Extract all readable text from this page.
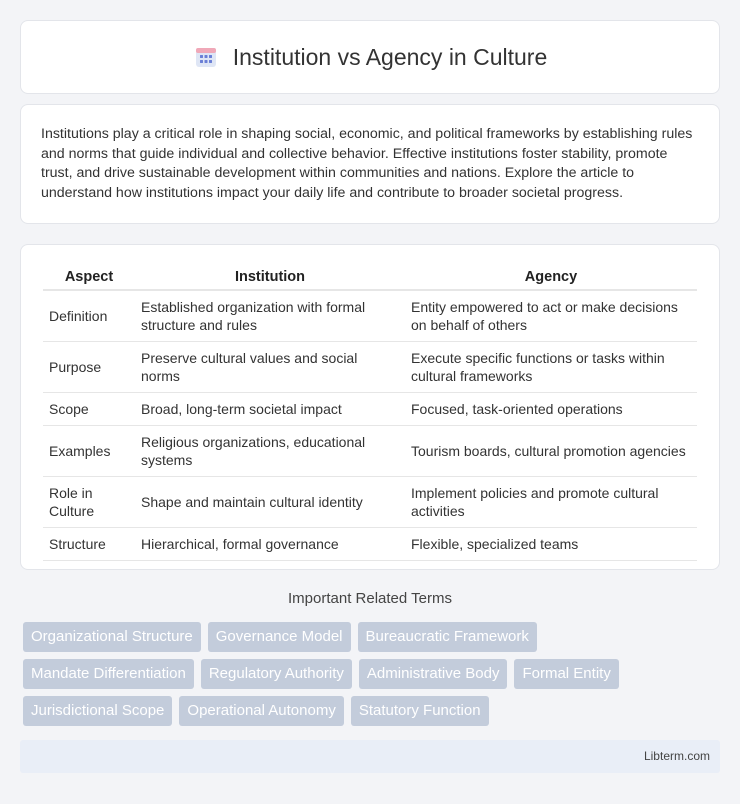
Institution vs Agency in Culture

Institutions play a critical role in shaping social, economic, and political frameworks by establishing rules and norms that guide individual and collective behavior. Effective institutions foster stability, promote trust, and drive sustainable development within communities and nations. Explore the article to understand how institutions impact your daily life and contribute to broader societal progress.

Aspect	Institution	Agency
Definition	Established organization with formal structure and rules	Entity empowered to act or make decisions on behalf of others
Purpose	Preserve cultural values and social norms	Execute specific functions or tasks within cultural frameworks
Scope	Broad, long-term societal impact	Focused, task-oriented operations
Examples	Religious organizations, educational systems	Tourism boards, cultural promotion agencies
Role in Culture	Shape and maintain cultural identity	Implement policies and promote cultural activities
Structure	Hierarchical, formal governance	Flexible, specialized teams
Important Related Terms
Organizational Structure	Governance Model	Bureaucratic Framework
Mandate Differentiation	Regulatory Authority	Administrative Body	Formal Entity
Jurisdictional Scope	Operational Autonomy	Statutory Function
Libterm.com
